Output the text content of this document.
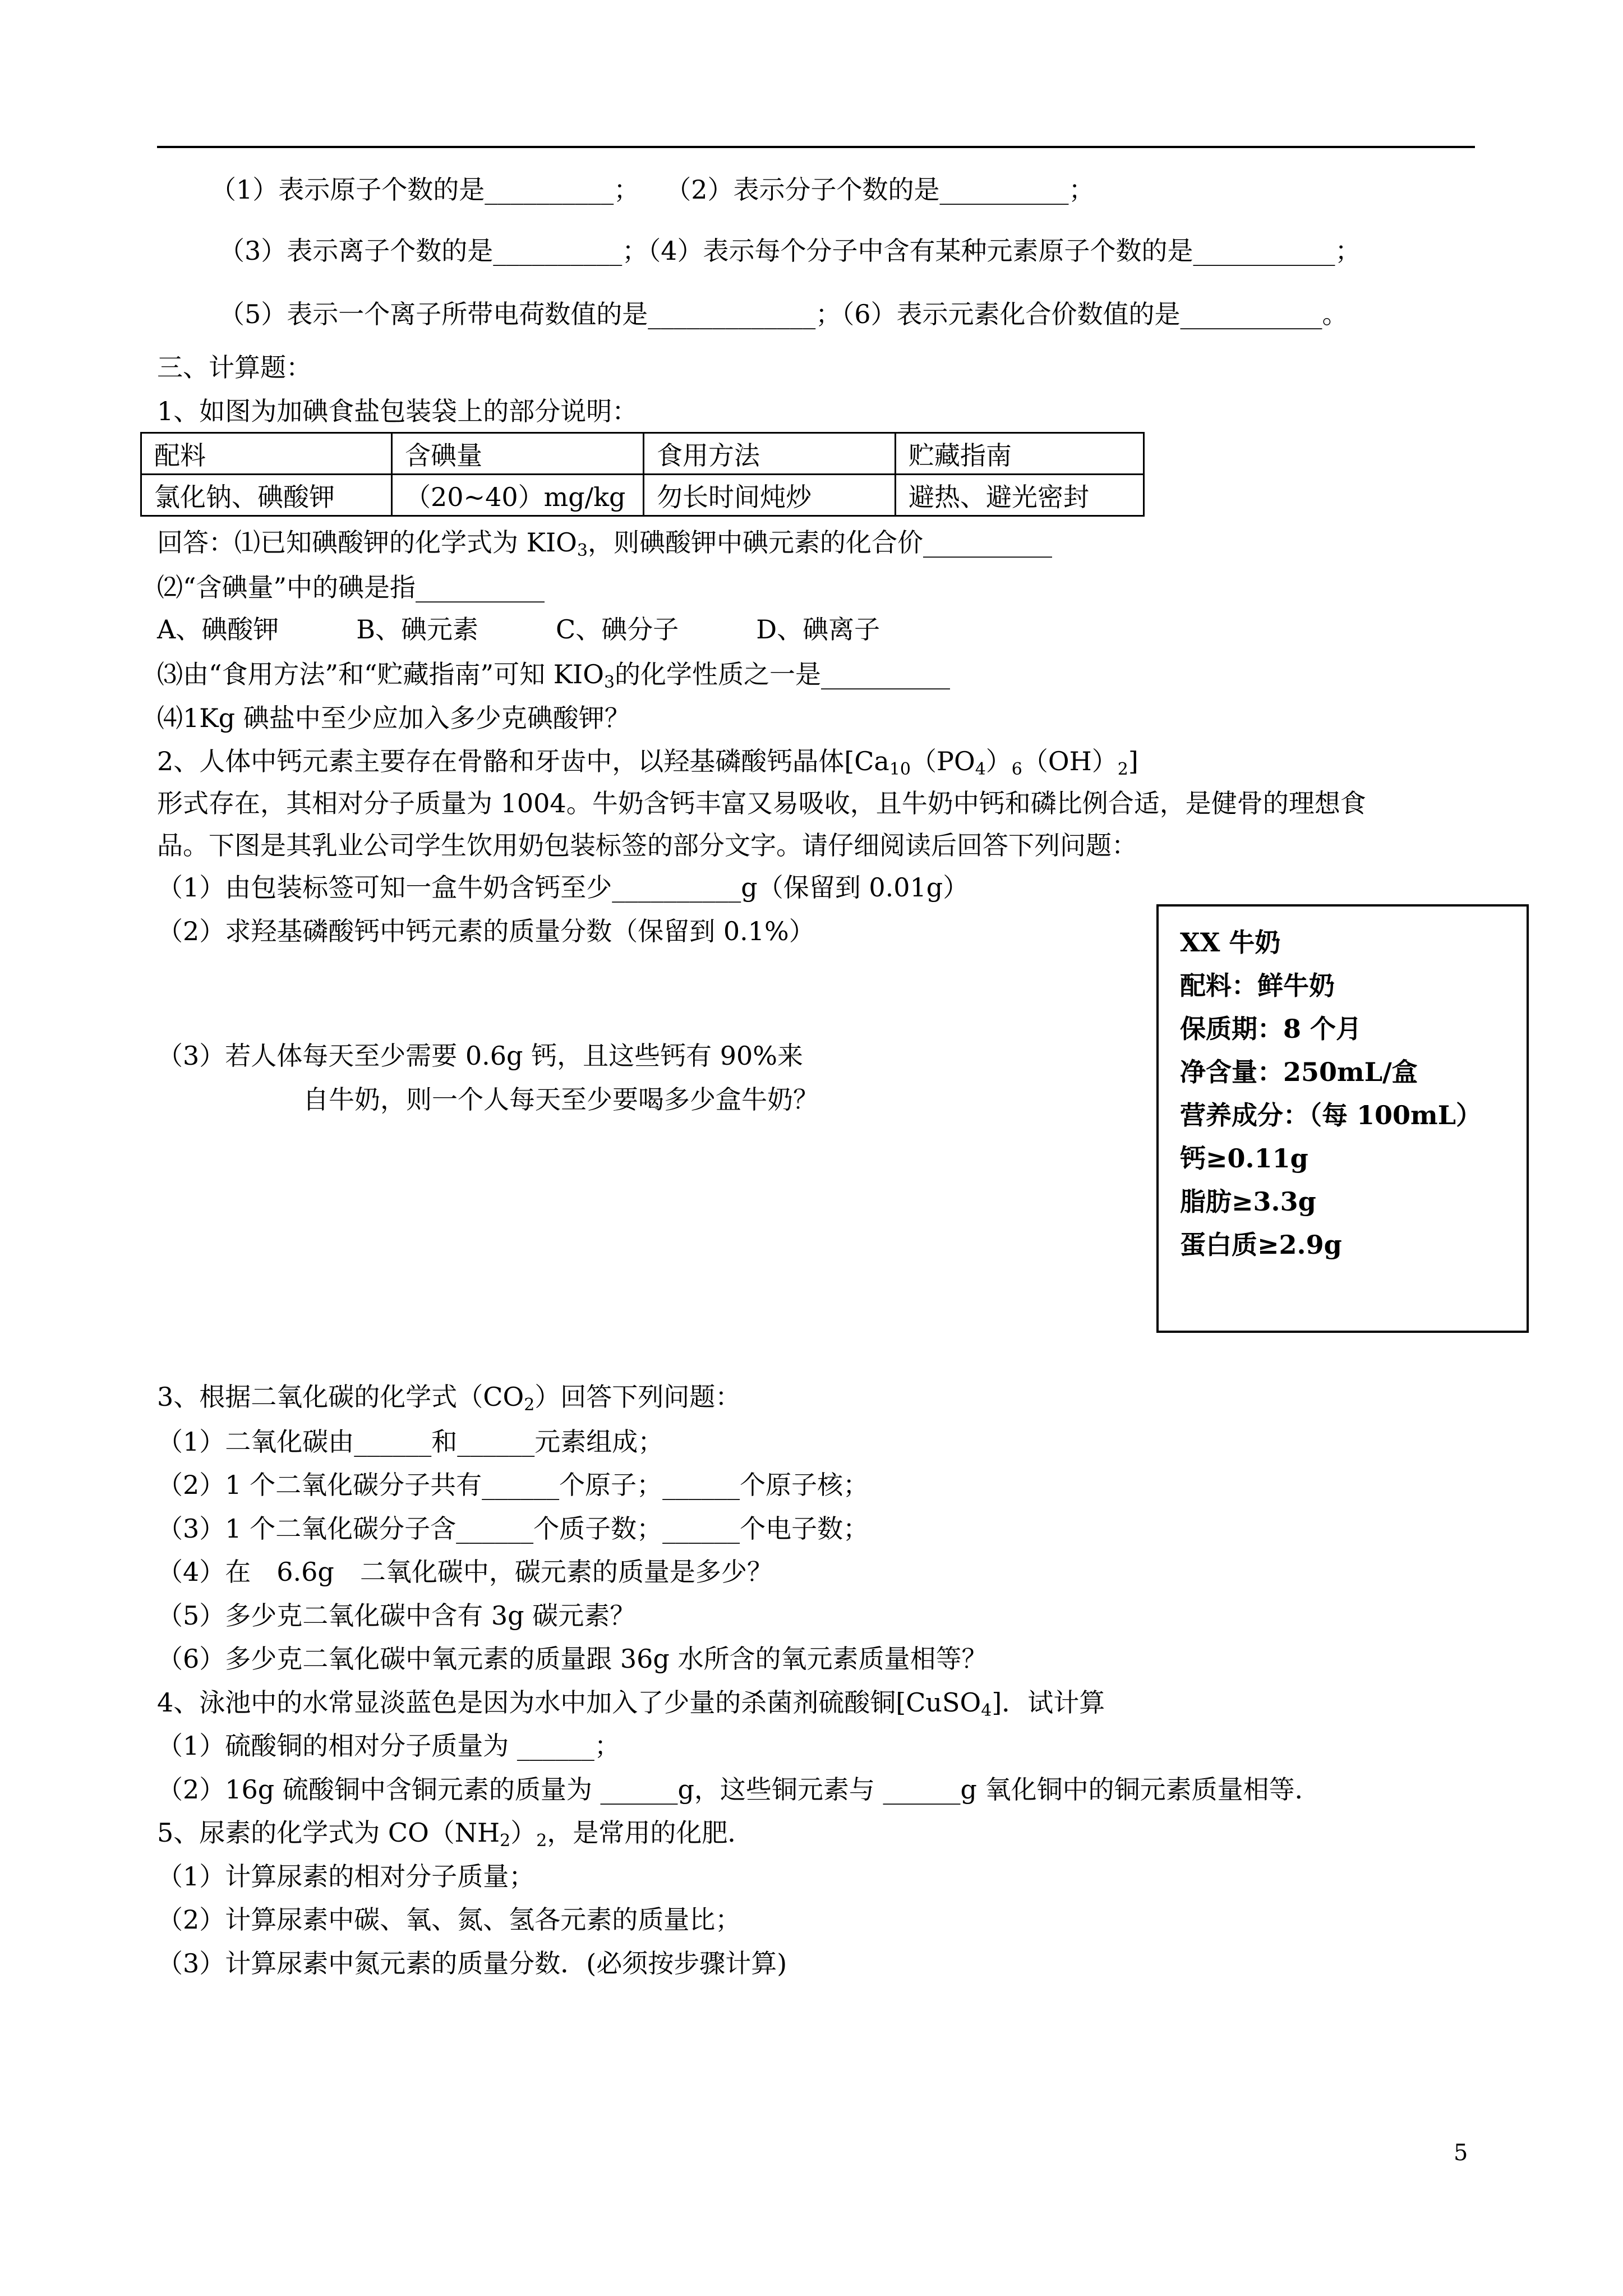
（1）表示原子个数的是__________；　　（2）表示分子个数的是__________；
（3）表示离子个数的是__________；（4）表示每个分子中含有某种元素原子个数的是___________；
（5）表示一个离子所带电荷数值的是_____________；（6）表示元素化合价数值的是___________。
三、计算题：
1、如图为加碘食盐包装袋上的部分说明：
配料	含碘量	食用方法	贮藏指南
氯化钠、碘酸钾	（20~40）mg/kg	勿长时间炖炒	避热、避光密封
回答：⑴已知碘酸钾的化学式为 $KIO_3$，则碘酸钾中碘元素的化合价__________
⑵“含碘量”中的碘是指__________
A、碘酸钾　　　B、碘元素　　　C、碘分子　　　D、碘离子
⑶由“食用方法”和“贮藏指南”可知 $KIO_3$的化学性质之一是__________
⑷1Kg 碘盐中至少应加入多少克碘酸钾？
2、人体中钙元素主要存在骨骼和牙齿中，以羟基磷酸钙晶体$[Ca_{10}(PO_4)_6(OH)_2]$
形式存在，其相对分子质量为 1004。牛奶含钙丰富又易吸收，且牛奶中钙和磷比例合适，是健骨的理想食
品。下图是其乳业公司学生饮用奶包装标签的部分文字。请仔细阅读后回答下列问题：
（1）由包装标签可知一盒牛奶含钙至少__________g（保留到 0.01g）
（2）求羟基磷酸钙中钙元素的质量分数（保留到 0.1%）
（3）若人体每天至少需要 0.6g 钙，且这些钙有 90%来
自牛奶，则一个人每天至少要喝多少盒牛奶？
XX 牛奶
配料：鲜牛奶
保质期：8 个月
净含量：250mL/盒
营养成分：（每 100mL）
钙≥0.11g
脂肪≥3.3g
蛋白质≥2.9g
3、根据二氧化碳的化学式$(CO_2)$回答下列问题：
（1）二氧化碳由______和______元素组成；
（2）1 个二氧化碳分子共有______个原子；______个原子核；
（3）1 个二氧化碳分子含______个质子数；______个电子数；
（4）在　6.6g　二氧化碳中，碳元素的质量是多少？
（5）多少克二氧化碳中含有 3g 碳元素？
（6）多少克二氧化碳中氧元素的质量跟 36g 水所含的氧元素质量相等？
4、泳池中的水常显淡蓝色是因为水中加入了少量的杀菌剂硫酸铜[CuSO$_4$]．试计算
（1）硫酸铜的相对分子质量为 ______；
（2）16g 硫酸铜中含铜元素的质量为 ______g，这些铜元素与 ______g 氧化铜中的铜元素质量相等．
5、尿素的化学式为 $CO(NH_2)_2$，是常用的化肥．
（1）计算尿素的相对分子质量；
（2）计算尿素中碳、氧、氮、氢各元素的质量比；
（3）计算尿素中氮元素的质量分数．(必须按步骤计算)
5
